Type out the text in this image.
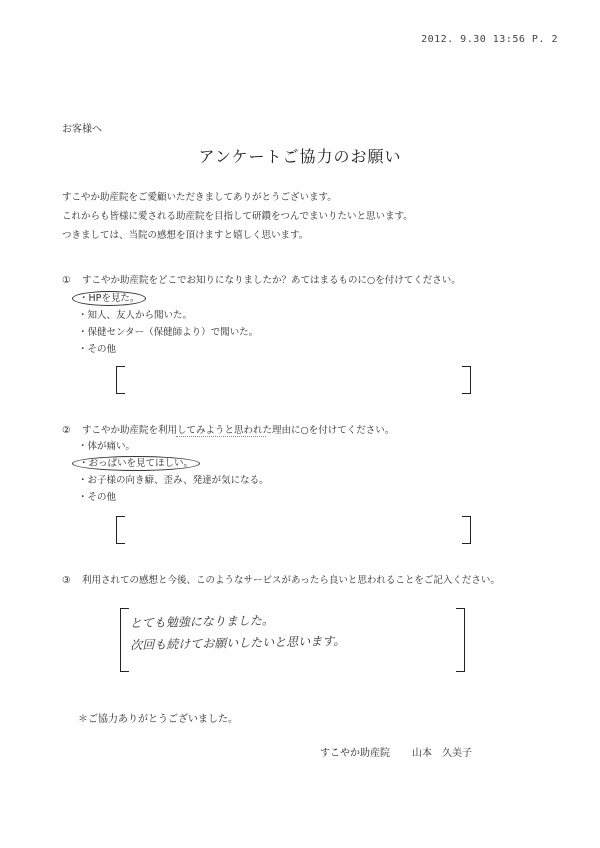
2012. 9.30 13:56 P. 2
お客様へ
アンケートご協力のお願い
すこやか助産院をご愛顧いただきましてありがとうございます。
これからも皆様に愛される助産院を目指して研鑽をつんでまいりたいと思います。
つきましては、当院の感想を頂けますと嬉しく思います。
① すこやか助産院をどこでお知りになりましたか？あてはまるものに○を付けてください。
・HPを見た。
・知人、友人から聞いた。
・保健センター（保健師より）で聞いた。
・その他
② すこやか助産院を利用してみようと思われた理由に○を付けてください。
・体が痛い。
・おっぱいを見てほしい。
・お子様の向き癖、歪み、発達が気になる。
・その他
③ 利用されての感想と今後、このようなサービスがあったら良いと思われることをご記入ください。
とても勉強になりました。
次回も続けてお願いしたいと思います。
＊ご協力ありがとうございました。
すこやか助産院 山本　久美子
